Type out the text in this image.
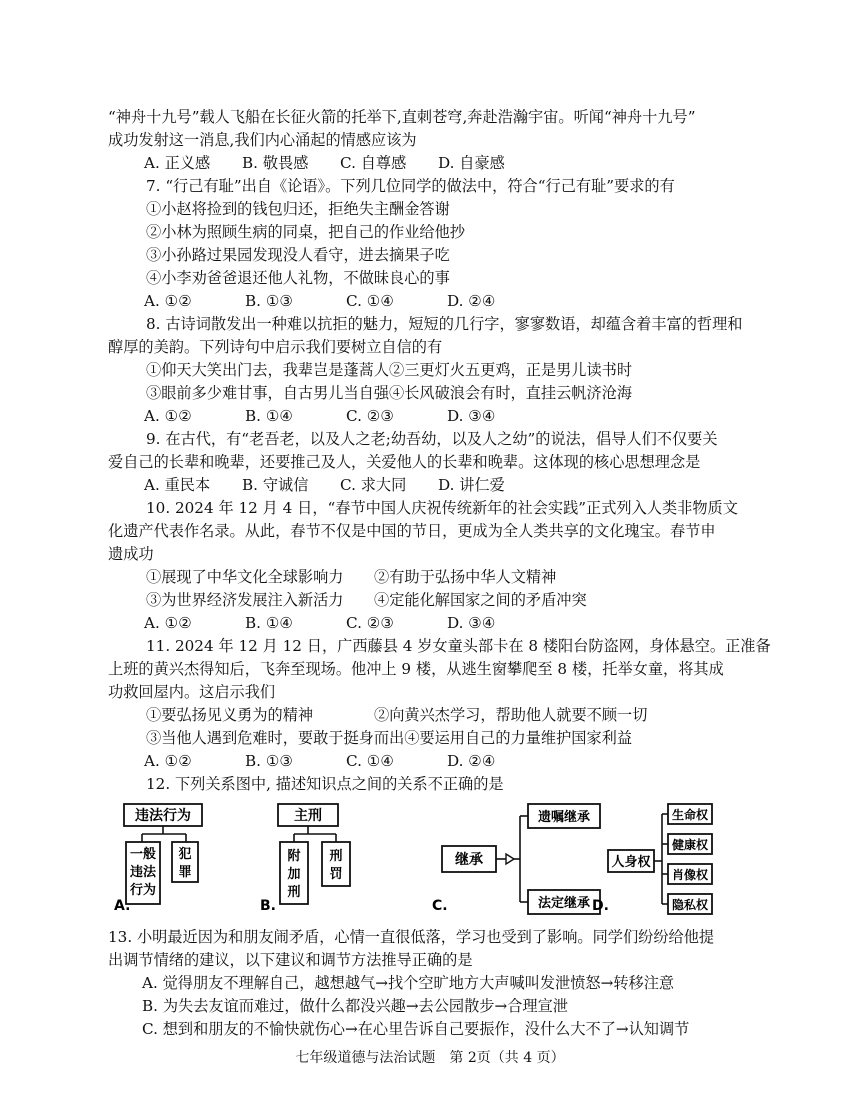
“神舟十九号”载人飞船在长征火箭的托举下,直刺苍穹,奔赴浩瀚宇宙。听闻“神舟十九号”
成功发射这一消息,我们内心涌起的情感应该为
A. 正义感	B. 敬畏感	C. 自尊感	D. 自豪感
7. “行己有耻”出自《论语》。下列几位同学的做法中，符合“行己有耻”要求的有
①小赵将捡到的钱包归还，拒绝失主酬金答谢
②小林为照顾生病的同桌，把自己的作业给他抄
③小孙路过果园发现没人看守，进去摘果子吃
④小李劝爸爸退还他人礼物，不做昧良心的事
A. ①②	B. ①③	C. ①④	D. ②④
8. 古诗词散发出一种难以抗拒的魅力，短短的几行字，寥寥数语，却蕴含着丰富的哲理和
醇厚的美韵。下列诗句中启示我们要树立自信的有
①仰天大笑出门去，我辈岂是蓬蒿人②三更灯火五更鸡，正是男儿读书时
③眼前多少难甘事，自古男儿当自强④长风破浪会有时，直挂云帆济沧海
A. ①②	B. ①④	C. ②③	D. ③④
9. 在古代，有“老吾老，以及人之老;幼吾幼，以及人之幼”的说法，倡导人们不仅要关
爱自己的长辈和晚辈，还要推己及人，关爱他人的长辈和晚辈。这体现的核心思想理念是
A. 重民本	B. 守诚信	C. 求大同	D. 讲仁爱
10. 2024 年 12 月 4 日，“春节中国人庆祝传统新年的社会实践”正式列入人类非物质文
化遗产代表作名录。从此，春节不仅是中国的节日，更成为全人类共享的文化瑰宝。春节申
遗成功
①展现了中华文化全球影响力 ②有助于弘扬中华人文精神
③为世界经济发展注入新活力 ④定能化解国家之间的矛盾冲突
A. ①②	B. ①④	C. ②③	D. ③④
11. 2024 年 12 月 12 日，广西藤县 4 岁女童头部卡在 8 楼阳台防盗网，身体悬空。正准备
上班的黄兴杰得知后，飞奔至现场。他冲上 9 楼，从逃生窗攀爬至 8 楼，托举女童，将其成
功救回屋内。这启示我们
①要弘扬见义勇为的精神	②向黄兴杰学习，帮助他人就要不顾一切
③当他人遇到危难时，要敢于挺身而出④要运用自己的力量维护国家利益
A. ①②	B. ①③	C. ①④	D. ②④
12. 下列关系图中, 描述知识点之间的关系不正确的是
违法行为
一般
违法
行为
犯
罪
A.
主刑
附
加
刑
刑
罚
B.
继承
遗嘱继承
法定继承
C.
人身权
生命权
健康权
肖像权
隐私权
D.
13. 小明最近因为和朋友闹矛盾，心情一直很低落，学习也受到了影响。同学们纷纷给他提
出调节情绪的建议，以下建议和调节方法推导正确的是
A. 觉得朋友不理解自己，越想越气→找个空旷地方大声喊叫发泄愤怒→转移注意
B. 为失去友谊而难过，做什么都没兴趣→去公园散步→合理宣泄
C. 想到和朋友的不愉快就伤心→在心里告诉自己要振作，没什么大不了→认知调节
七年级道德与法治试题　第 2页（共 4 页）
